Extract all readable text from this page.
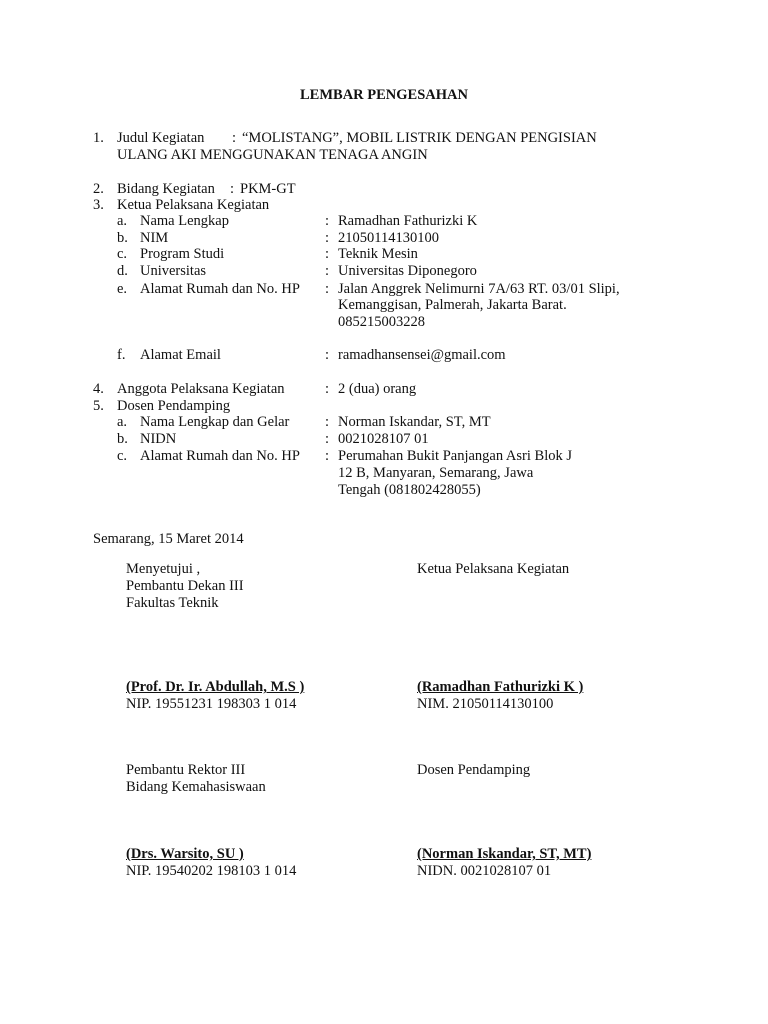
LEMBAR PENGESAHAN
1. Judul Kegiatan : “MOLISTANG”, MOBIL LISTRIK DENGAN PENGISIAN
ULANG AKI MENGGUNAKAN TENAGA ANGIN
2. Bidang Kegiatan : PKM-GT
3. Ketua Pelaksana Kegiatan
a. Nama Lengkap	: Ramadhan Fathurizki K
b. NIM	: 21050114130100
c. Program Studi	: Teknik Mesin
d. Universitas	: Universitas Diponegoro
e. Alamat Rumah dan No. HP : Jalan Anggrek Nelimurni 7A/63 RT. 03/01 Slipi,
Kemanggisan, Palmerah, Jakarta Barat.
085215003228
f. Alamat Email	: ramadhansensei@gmail.com
4. Anggota Pelaksana Kegiatan	: 2 (dua) orang
5. Dosen Pendamping
a. Nama Lengkap dan Gelar : Norman Iskandar, ST, MT
b. NIDN	: 0021028107 01
c. Alamat Rumah dan No. HP : Perumahan Bukit Panjangan Asri Blok J
12 B, Manyaran, Semarang, Jawa
Tengah (081802428055)
Semarang, 15 Maret 2014
Menyetujui ,
Pembantu Dekan III
Fakultas Teknik
(Prof. Dr. Ir. Abdullah, M.S )
NIP. 19551231 198303 1 014
Ketua Pelaksana Kegiatan
(Ramadhan Fathurizki K )
NIM. 21050114130100
Pembantu Rektor III
Bidang Kemahasiswaan
(Drs. Warsito, SU )
NIP. 19540202 198103 1 014
Dosen Pendamping
(Norman Iskandar, ST, MT)
NIDN. 0021028107 01
